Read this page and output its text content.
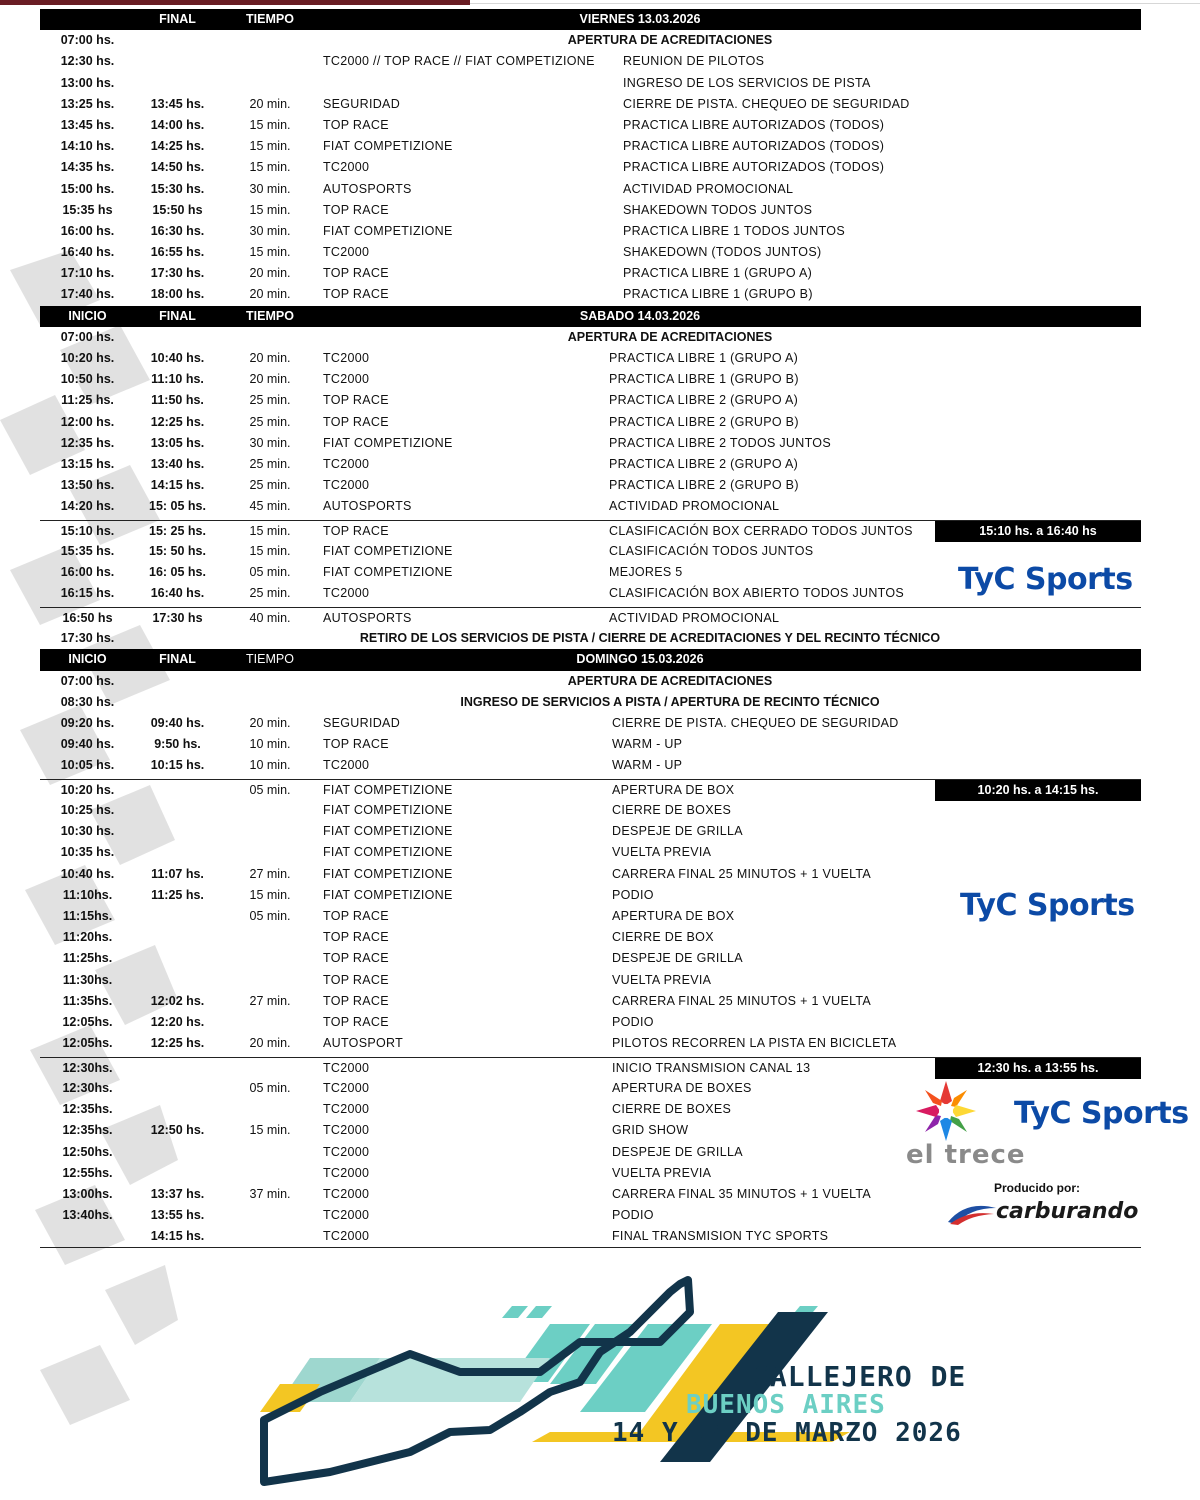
FINAL	TIEMPO	VIERNES 13.03.2026
07:00 hs.	APERTURA DE ACREDITACIONES
12:30 hs.	TC2000 // TOP RACE // FIAT COMPETIZIONE	REUNION DE PILOTOS
13:00 hs.	INGRESO DE LOS SERVICIOS DE PISTA
13:25 hs.	13:45 hs.	20 min.	SEGURIDAD	CIERRE DE PISTA. CHEQUEO DE SEGURIDAD
13:45 hs.	14:00 hs.	15 min.	TOP RACE	PRACTICA LIBRE AUTORIZADOS (TODOS)
14:10 hs.	14:25 hs.	15 min.	FIAT COMPETIZIONE	PRACTICA LIBRE AUTORIZADOS (TODOS)
14:35 hs.	14:50 hs.	15 min.	TC2000	PRACTICA LIBRE AUTORIZADOS (TODOS)
15:00 hs.	15:30 hs.	30 min.	AUTOSPORTS	ACTIVIDAD PROMOCIONAL
15:35 hs	15:50 hs	15 min.	TOP RACE	SHAKEDOWN TODOS JUNTOS
16:00 hs.	16:30 hs.	30 min.	FIAT COMPETIZIONE	PRACTICA LIBRE 1 TODOS JUNTOS
16:40 hs.	16:55 hs.	15 min.	TC2000	SHAKEDOWN (TODOS JUNTOS)
17:10 hs.	17:30 hs.	20 min.	TOP RACE	PRACTICA LIBRE 1 (GRUPO A)
17:40 hs.	18:00 hs.	20 min.	TOP RACE	PRACTICA LIBRE 1 (GRUPO B)
INICIO	FINAL	TIEMPO	SABADO 14.03.2026
07:00 hs.	APERTURA DE ACREDITACIONES
10:20 hs.	10:40 hs.	20 min.	TC2000	PRACTICA LIBRE 1 (GRUPO A)
10:50 hs.	11:10 hs.	20 min.	TC2000	PRACTICA LIBRE 1 (GRUPO B)
11:25 hs.	11:50 hs.	25 min.	TOP RACE	PRACTICA LIBRE 2 (GRUPO A)
12:00 hs.	12:25 hs.	25 min.	TOP RACE	PRACTICA LIBRE 2 (GRUPO B)
12:35 hs.	13:05 hs.	30 min.	FIAT COMPETIZIONE	PRACTICA LIBRE 2 TODOS JUNTOS
13:15 hs.	13:40 hs.	25 min.	TC2000	PRACTICA LIBRE 2 (GRUPO A)
13:50 hs.	14:15 hs.	25 min.	TC2000	PRACTICA LIBRE 2 (GRUPO B)
14:20 hs.	15: 05 hs.	45 min.	AUTOSPORTS	ACTIVIDAD PROMOCIONAL
15:10 hs.	15: 25 hs.	15 min.	TOP RACE	CLASIFICACIÓN BOX CERRADO TODOS JUNTOS	15:10 hs. a 16:40 hs
15:35 hs.	15: 50 hs.	15 min.	FIAT COMPETIZIONE	CLASIFICACIÓN TODOS JUNTOS
16:00 hs.	16: 05 hs.	05 min.	FIAT COMPETIZIONE	MEJORES 5
16:15 hs.	16:40 hs.	25 min.	TC2000	CLASIFICACIÓN BOX ABIERTO TODOS JUNTOS
16:50 hs	17:30 hs	40 min.	AUTOSPORTS	ACTIVIDAD PROMOCIONAL
17:30 hs.	RETIRO DE LOS SERVICIOS DE PISTA / CIERRE DE ACREDITACIONES Y DEL RECINTO TÉCNICO
INICIO	FINAL	TIEMPO	DOMINGO 15.03.2026
07:00 hs.	APERTURA DE ACREDITACIONES
08:30 hs.	INGRESO DE SERVICIOS A PISTA / APERTURA DE RECINTO TÉCNICO
09:20 hs.	09:40 hs.	20 min.	SEGURIDAD	CIERRE DE PISTA. CHEQUEO DE SEGURIDAD
09:40 hs.	9:50 hs.	10 min.	TOP RACE	WARM - UP
10:05 hs.	10:15 hs.	10 min.	TC2000	WARM - UP
10:20 hs.	05 min.	FIAT COMPETIZIONE	APERTURA DE BOX	10:20 hs. a 14:15 hs.
10:25 hs.	FIAT COMPETIZIONE	CIERRE DE BOXES
10:30 hs.	FIAT COMPETIZIONE	DESPEJE DE GRILLA
10:35 hs.	FIAT COMPETIZIONE	VUELTA PREVIA
10:40 hs.	11:07 hs.	27 min.	FIAT COMPETIZIONE	CARRERA FINAL 25 MINUTOS + 1 VUELTA
11:10hs.	11:25 hs.	15 min.	FIAT COMPETIZIONE	PODIO
11:15hs.	05 min.	TOP RACE	APERTURA DE BOX
11:20hs.	TOP RACE	CIERRE DE BOX
11:25hs.	TOP RACE	DESPEJE DE GRILLA
11:30hs.	TOP RACE	VUELTA PREVIA
11:35hs.	12:02 hs.	27 min.	TOP RACE	CARRERA FINAL 25 MINUTOS + 1 VUELTA
12:05hs.	12:20 hs.	TOP RACE	PODIO
12:05hs.	12:25 hs.	20 min.	AUTOSPORT	PILOTOS RECORREN LA PISTA EN BICICLETA
12:30hs.	TC2000	INICIO TRANSMISION CANAL 13	12:30 hs. a 13:55 hs.
12:30hs.	05 min.	TC2000	APERTURA DE BOXES
12:35hs.	TC2000	CIERRE DE BOXES
12:35hs.	12:50 hs.	15 min.	TC2000	GRID SHOW
12:50hs.	TC2000	DESPEJE DE GRILLA
12:55hs.	TC2000	VUELTA PREVIA
13:00hs.	13:37 hs.	37 min.	TC2000	CARRERA FINAL 35 MINUTOS + 1 VUELTA
13:40hs.	13:55 hs.	TC2000	PODIO
14:15 hs.	TC2000	FINAL TRANSMISION TYC SPORTS
TyC Sports
TyC Sports
el trece
TyC Sports
Producido por:
carburando
CALLEJERO DE
BUENOS AIRES
14 Y 15 DE MARZO 2026
